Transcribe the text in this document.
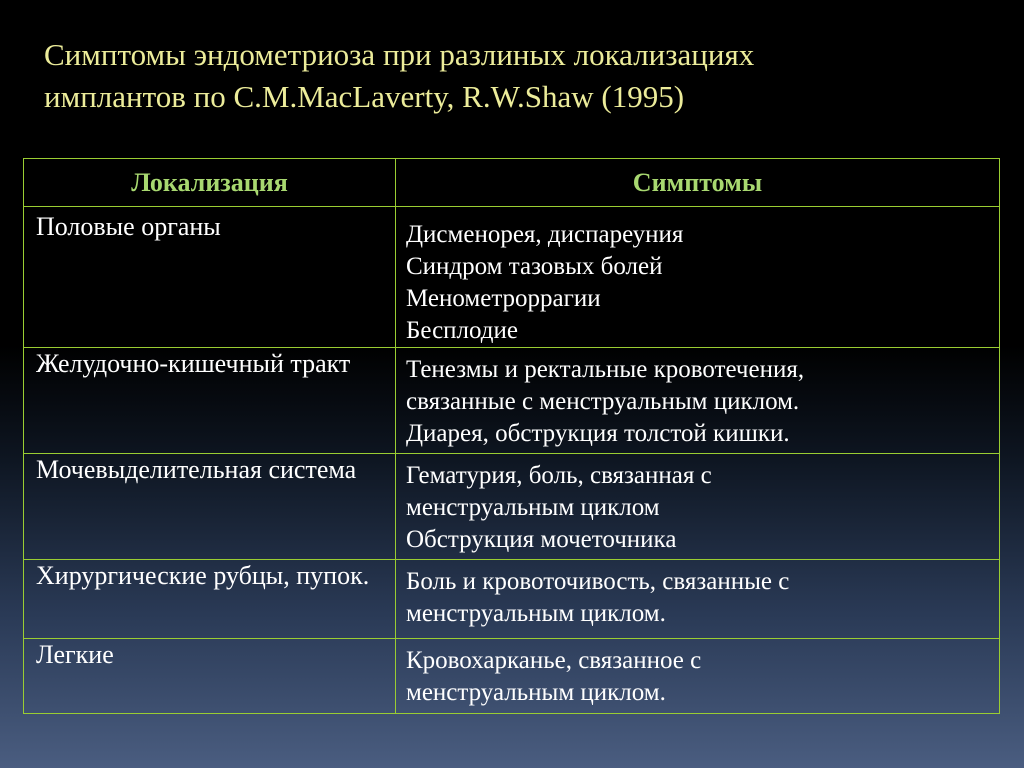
Симптомы эндометриоза при разлиных локализациях
имплантов по C.M.MacLaverty, R.W.Shaw (1995)
Локализация	Симптомы
Половые органы	Дисменорея, диспареуния
Синдром тазовых болей
Менометроррагии
Бесплодие

Желудочно-кишечный тракт	Тенезмы и ректальные кровотечения,
связанные с менструальным циклом.
Диарея, обструкция толстой кишки.

Мочевыделительная система	Гематурия, боль, связанная с
менструальным циклом
Обструкция мочеточника

Хирургические рубцы, пупок.	Боль и кровоточивость, связанные с
менструальным циклом.

Легкие	Кровохарканье, связанное с
менструальным циклом.
